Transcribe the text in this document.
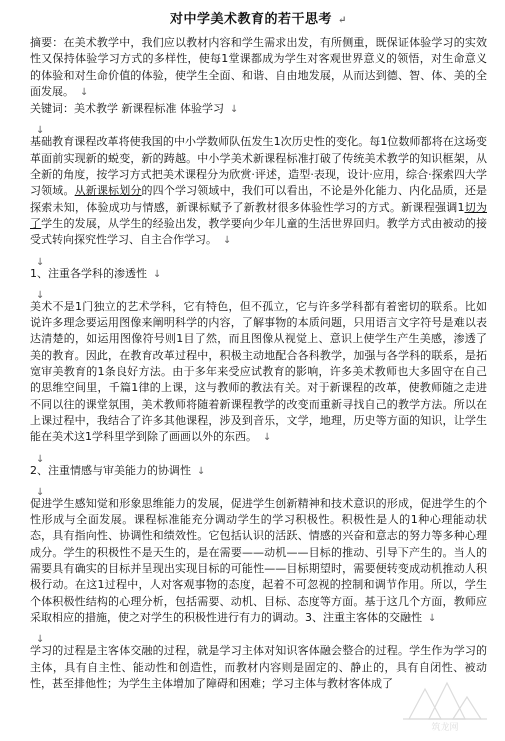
对中学美术教育的若干思考 ↵

摘要：在美术教学中，我们应以教材内容和学生需求出发，有所侧重，既保证体验学习的实效性又保持体验学习方式的多样性，使每1堂课都成为学生对客观世界意义的领悟，对生命意义的体验和对生命价值的体验，使学生全面、和谐、自由地发展，从而达到德、智、体、美的全面发展。 ↓

关键词：美术教学 新课程标准 体验学习 ↓

↓

基础教育课程改革将使我国的中小学数师队伍发生1次历史性的变化。每1位数师都将在这场变革面前实现新的蜕变，新的踌越。中小学美术新课程标准打破了传统美术教学的知识框架，从全新的角度，按学习方式把美术课程分为欣赏·评述，造型·表现，设计·应用，综合·探索四大学习领域。从新课标划分的四个学习领域中，我们可以看出，不论是外化能力、内化品质，还是探索未知，体验成功与情感，新课标赋予了新教材很多体验性学习的方式。新课程强调1切为了学生的发展，从学生的经验出发，教学要向少年儿童的生活世界回归。教学方式由被动的接受式转向探究性学习、自主合作学习。 ↓

↓

1、注重各学科的渗透性 ↓

↓

美术不是1门独立的艺术学科，它有特色，但不孤立，它与许多学科都有着密切的联系。比如说许多理念要运用图像来阐明科学的内容，了解事物的本质问题，只用语言文字符号是难以表达清楚的，如运用图像符号则1目了然，而且图像从视觉上、意识上使学生产生美感，渗透了美的教育。因此，在教育改革过程中，积极主动地配合各科教学，加强与各学科的联系，是拓宽审美教育的1条良好方法。由于多年来受应试教育的影响，许多美术教师也大多固守在自己的思维空间里，千篇1律的上课，这与教师的教法有关。对于新课程的改革，使教师随之走进不同以往的课堂氛围，美术教师将随着新课程教学的改变而重新寻找自己的教学方法。所以在上课过程中，我结合了许多其他课程，涉及到音乐，文学，地理，历史等方面的知识，让学生能在美术这1学科里学到除了画画以外的东西。 ↓

↓

2、注重情感与审美能力的协调性 ↓

↓

促进学生感知觉和形象思维能力的发展，促进学生创新精神和技术意识的形成，促进学生的个性形成与全面发展。课程标准能充分调动学生的学习积极性。积极性是人的1种心理能动状态，具有指向性、协调性和绩效性。它包括认识的活跃、情感的兴奋和意志的努力等多种心理成分。学生的积极性不是天生的，是在需要——动机——目标的推动、引导下产生的。当人的需要具有确实的目标并呈现出实现目标的可能性——目标期望时，需要便转变成动机推动人积极行动。在这1过程中，人对客观事物的态度，起着不可忽视的控制和调节作用。所以，学生个体积极性结构的心理分析，包括需要、动机、目标、态度等方面。基于这几个方面，教师应采取相应的措施，使之对学生的积极性进行有力的调动。3、注重主客体的交融性 ↓

↓

学习的过程是主客体交融的过程，就是学习主体对知识客体融会整合的过程。学生作为学习的主体，具有自主性、能动性和创造性，而教材内容则是固定的、静止的，具有自闭性、被动性，甚至排他性；为学生主体增加了障碍和困难；学习主体与教材客体成了

筑龙网
